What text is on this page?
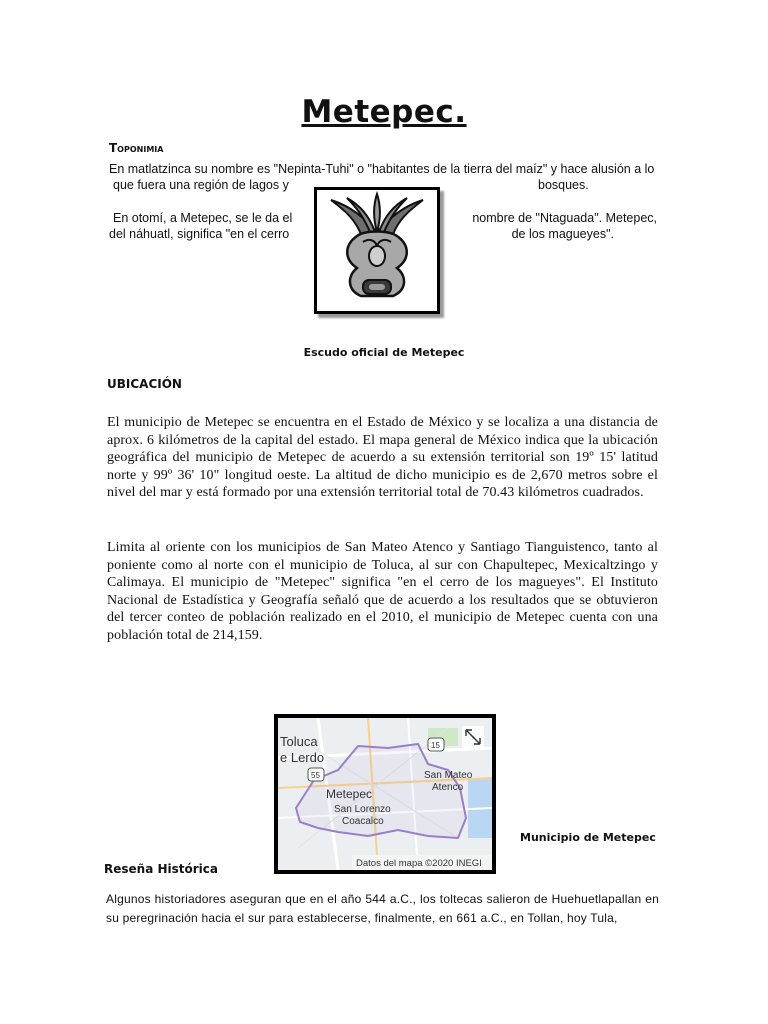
Metepec.
Toponimia
En matlatzinca su nombre es "Nepinta-Tuhi" o "habitantes de la tierra del maíz" y hace alusión a lo
que fuera una región de lagos y	bosques.
En otomí, a Metepec, se le da el
del náhuatl, significa "en el cerro
nombre de "Ntaguada". Metepec,
de los magueyes".
Escudo oficial de Metepec
UBICACIÓN
El municipio de Metepec se encuentra en el Estado de México y se localiza a una distancia de aprox. 6 kilómetros de la capital del estado. El mapa general de México indica que la ubicación geográfica del municipio de Metepec de acuerdo a su extensión territorial son 19º 15' latitud norte y 99º 36' 10" longitud oeste. La altitud de dicho municipio es de 2,670 metros sobre el nivel del mar y está formado por una extensión territorial total de 70.43 kilómetros cuadrados.
Limita al oriente con los municipios de San Mateo Atenco y Santiago Tianguistenco, tanto al poniente como al norte con el municipio de Toluca, al sur con Chapultepec, Mexicaltzingo y Calimaya. El municipio de "Metepec" significa "en el cerro de los magueyes". El Instituto Nacional de Estadística y Geografía señaló que de acuerdo a los resultados que se obtuvieron del tercer conteo de población realizado en el 2010, el municipio de Metepec cuenta con una población total de 214,159.
Toluca
e Lerdo
Metepec
San Lorenzo
Coacalco
San Mateo
Atenco
15
55
Datos del mapa ©2020 INEGI
Municipio de Metepec
Reseña Histórica
Algunos historiadores aseguran que en el año 544 a.C., los toltecas salieron de Huehuetlapallan en su peregrinación hacia el sur para establecerse, finalmente, en 661 a.C., en Tollan, hoy Tula,
